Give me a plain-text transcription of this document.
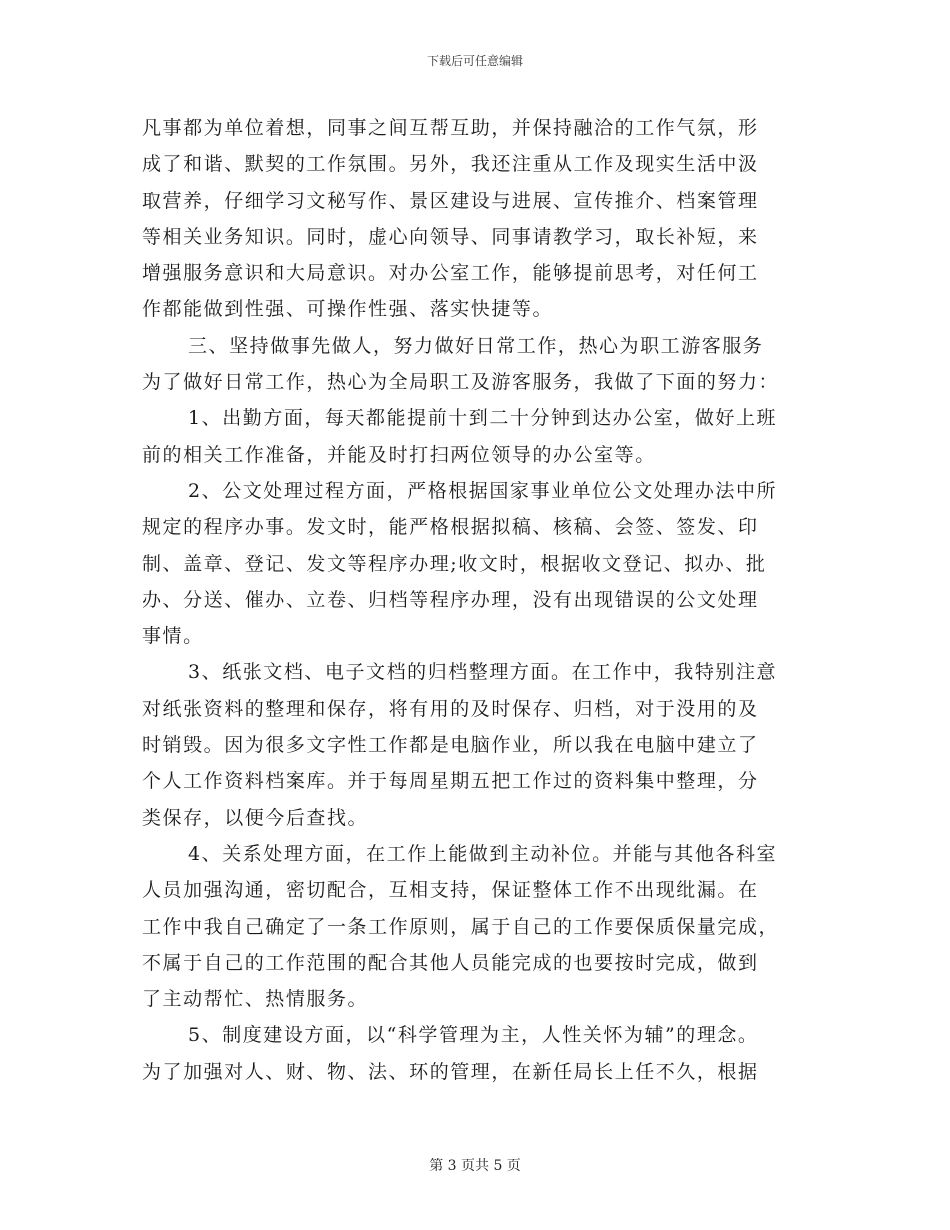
下载后可任意编辑
凡事都为单位着想，同事之间互帮互助，并保持融洽的工作气氛，形
成了和谐、默契的工作氛围。另外，我还注重从工作及现实生活中汲
取营养，仔细学习文秘写作、景区建设与进展、宣传推介、档案管理
等相关业务知识。同时，虚心向领导、同事请教学习，取长补短，来
增强服务意识和大局意识。对办公室工作，能够提前思考，对任何工
作都能做到性强、可操作性强、落实快捷等。
三、坚持做事先做人，努力做好日常工作，热心为职工游客服务
为了做好日常工作，热心为全局职工及游客服务，我做了下面的努力：
1、出勤方面，每天都能提前十到二十分钟到达办公室，做好上班
前的相关工作准备，并能及时打扫两位领导的办公室等。
2、公文处理过程方面，严格根据国家事业单位公文处理办法中所
规定的程序办事。发文时，能严格根据拟稿、核稿、会签、签发、印
制、盖章、登记、发文等程序办理;收文时，根据收文登记、拟办、批
办、分送、催办、立卷、归档等程序办理，没有出现错误的公文处理
事情。
3、纸张文档、电子文档的归档整理方面。在工作中，我特别注意
对纸张资料的整理和保存，将有用的及时保存、归档，对于没用的及
时销毁。因为很多文字性工作都是电脑作业，所以我在电脑中建立了
个人工作资料档案库。并于每周星期五把工作过的资料集中整理，分
类保存，以便今后查找。
4、关系处理方面，在工作上能做到主动补位。并能与其他各科室
人员加强沟通，密切配合，互相支持，保证整体工作不出现纰漏。在
工作中我自己确定了一条工作原则，属于自己的工作要保质保量完成，
不属于自己的工作范围的配合其他人员能完成的也要按时完成，做到
了主动帮忙、热情服务。
5、制度建设方面，以“科学管理为主，人性关怀为辅”的理念。
为了加强对人、财、物、法、环的管理，在新任局长上任不久，根据
第 3 页共 5 页
